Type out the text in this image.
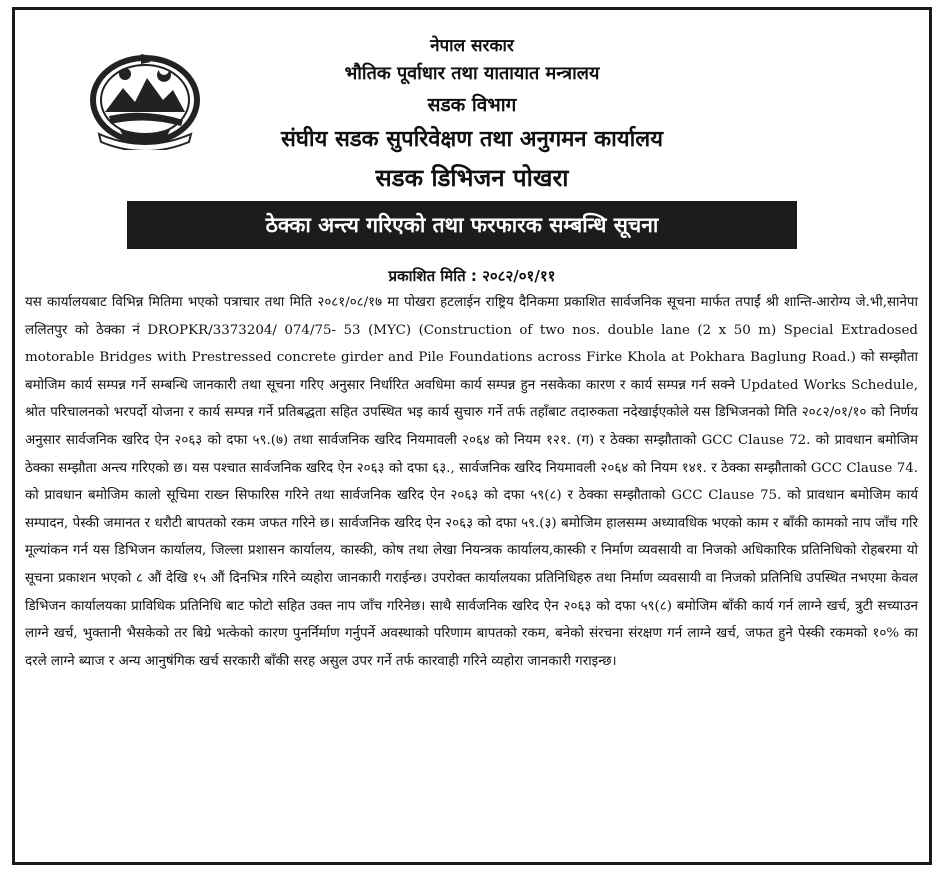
नेपाल सरकार
भौतिक पूर्वाधार तथा यातायात मन्त्रालय
सडक विभाग
संघीय सडक सुपरिवेक्षण तथा अनुगमन कार्यालय
सडक डिभिजन पोखरा
ठेक्का अन्त्य गरिएको तथा फरफारक सम्बन्धि सूचना
प्रकाशित मिति : २०८२/०१/११

यस कार्यालयबाट विभिन्न मितिमा भएको पत्राचार तथा मिति २०८१/०८/१७ मा पोखरा हटलाईन राष्ट्रिय दैनिकमा प्रकाशित सार्वजनिक सूचना मार्फत तपाईं श्री शान्ति-आरोग्य जे.भी,सानेपा ललितपुर को ठेक्का नं DROPKR/3373204/ 074/75- 53 (MYC) (Construction of two nos. double lane (2 x 50 m) Special Extradosed motorable Bridges with Prestressed concrete girder and Pile Foundations across Firke Khola at Pokhara Baglung Road.) को सम्झौता बमोजिम कार्य सम्पन्न गर्ने सम्बन्धि जानकारी तथा सूचना गरिए अनुसार निर्धारित अवधिमा कार्य सम्पन्न हुन नसकेका कारण र कार्य सम्पन्न गर्न सक्ने Updated Works Schedule, श्रोत परिचालनको भरपर्दो योजना र कार्य सम्पन्न गर्ने प्रतिबद्धता सहित उपस्थित भइ कार्य सुचारु गर्ने तर्फ तहाँबाट तदारुकता नदेखाईएकोले यस डिभिजनको मिति २०८२/०१/१० को निर्णय अनुसार सार्वजनिक खरिद ऐन २०६३ को दफा ५९.(७) तथा सार्वजनिक खरिद नियमावली २०६४ को नियम १२१. (ग) र ठेक्का सम्झौताको GCC Clause 72. को प्रावधान बमोजिम ठेक्का सम्झौता अन्त्य गरिएको छ। यस पश्चात सार्वजनिक खरिद ऐन २०६३ को दफा ६३., सार्वजनिक खरिद नियमावली २०६४ को नियम १४१. र ठेक्का सम्झौताको GCC Clause 74. को प्रावधान बमोजिम कालो सूचिमा राख्न सिफारिस गरिने तथा सार्वजनिक खरिद ऐन २०६३ को दफा ५९(८) र ठेक्का सम्झौताको GCC Clause 75. को प्रावधान बमोजिम कार्य सम्पादन, पेस्की जमानत र धरौटी बापतको रकम जफत गरिने छ। सार्वजनिक खरिद ऐन २०६३ को दफा ५९.(३) बमोजिम हालसम्म अध्यावधिक भएको काम र बाँकी कामको नाप जाँच गरि मूल्यांकन गर्न यस डिभिजन कार्यालय, जिल्ला प्रशासन कार्यालय, कास्की, कोष तथा लेखा नियन्त्रक कार्यालय,कास्की र निर्माण व्यवसायी वा निजको अधिकारिक प्रतिनिधिको रोहबरमा यो सूचना प्रकाशन भएको ८ औं देखि १५ औं दिनभित्र गरिने व्यहोरा जानकारी गराईन्छ। उपरोक्त कार्यालयका प्रतिनिधिहरु तथा निर्माण व्यवसायी वा निजको प्रतिनिधि उपस्थित नभएमा केवल डिभिजन कार्यालयका प्राविधिक प्रतिनिधि बाट फोटो सहित उक्त नाप जाँच गरिनेछ। साथै सार्वजनिक खरिद ऐन २०६३ को दफा ५९(८) बमोजिम बाँकी कार्य गर्न लाग्ने खर्च, त्रुटी सच्याउन लाग्ने खर्च, भुक्तानी भैसकेको तर बिग्रे भत्केको कारण पुनर्निर्माण गर्नुपर्ने अवस्थाको परिणाम बापतको रकम, बनेको संरचना संरक्षण गर्न लाग्ने खर्च, जफत हुने पेस्की रकमको १०% का दरले लाग्ने ब्याज र अन्य आनुषंगिक खर्च सरकारी बाँकी सरह असुल उपर गर्ने तर्फ कारवाही गरिने व्यहोरा जानकारी गराइन्छ।
